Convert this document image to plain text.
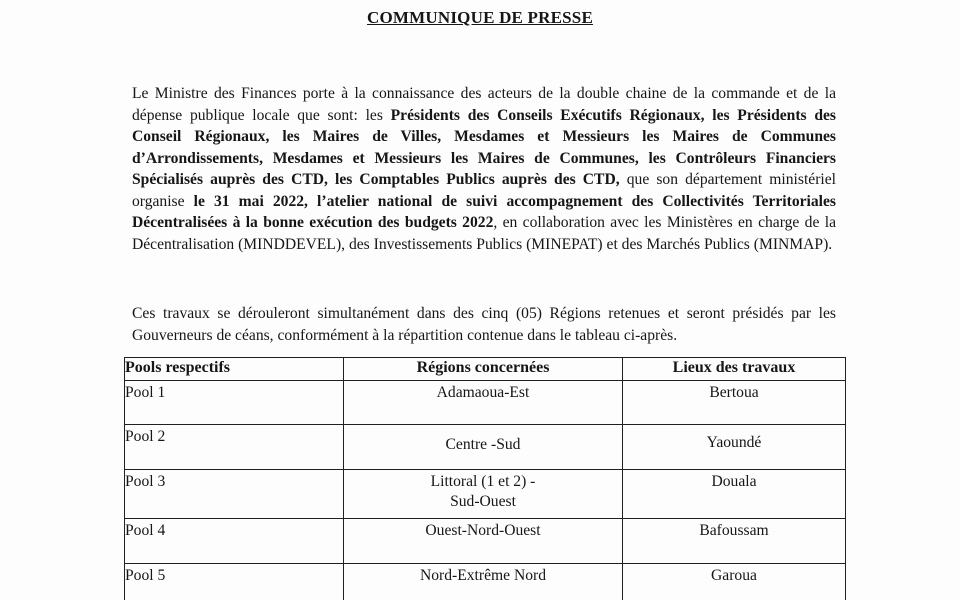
COMMUNIQUE DE PRESSE

Le Ministre des Finances porte à la connaissance des acteurs de la double chaine de la commande et de la dépense publique locale que sont: les Présidents des Conseils Exécutifs Régionaux, les Présidents des Conseil Régionaux, les Maires de Villes, Mesdames et Messieurs les Maires de Communes d’Arrondissements, Mesdames et Messieurs les Maires de Communes, les Contrôleurs Financiers Spécialisés auprès des CTD, les Comptables Publics auprès des CTD, que son département ministériel organise le 31 mai 2022, l’atelier national de suivi accompagnement des Collectivités Territoriales Décentralisées à la bonne exécution des budgets 2022, en collaboration avec les Ministères en charge de la Décentralisation (MINDDEVEL), des Investissements Publics (MINEPAT) et des Marchés Publics (MINMAP).

Ces travaux se dérouleront simultanément dans des cinq (05) Régions retenues et seront présidés par les Gouverneurs de céans, conformément à la répartition contenue dans le tableau ci-après.

Pools respectifs	Régions concernées	Lieux des travaux
Pool 1	Adamaoua-Est	Bertoua
Pool 2	Centre -Sud	Yaoundé

Pool 3	Littoral (1 et 2) -
Sud-Ouest	Douala
Pool 4	Ouest-Nord-Ouest	Bafoussam
Pool 5	Nord-Extrême Nord	Garoua
